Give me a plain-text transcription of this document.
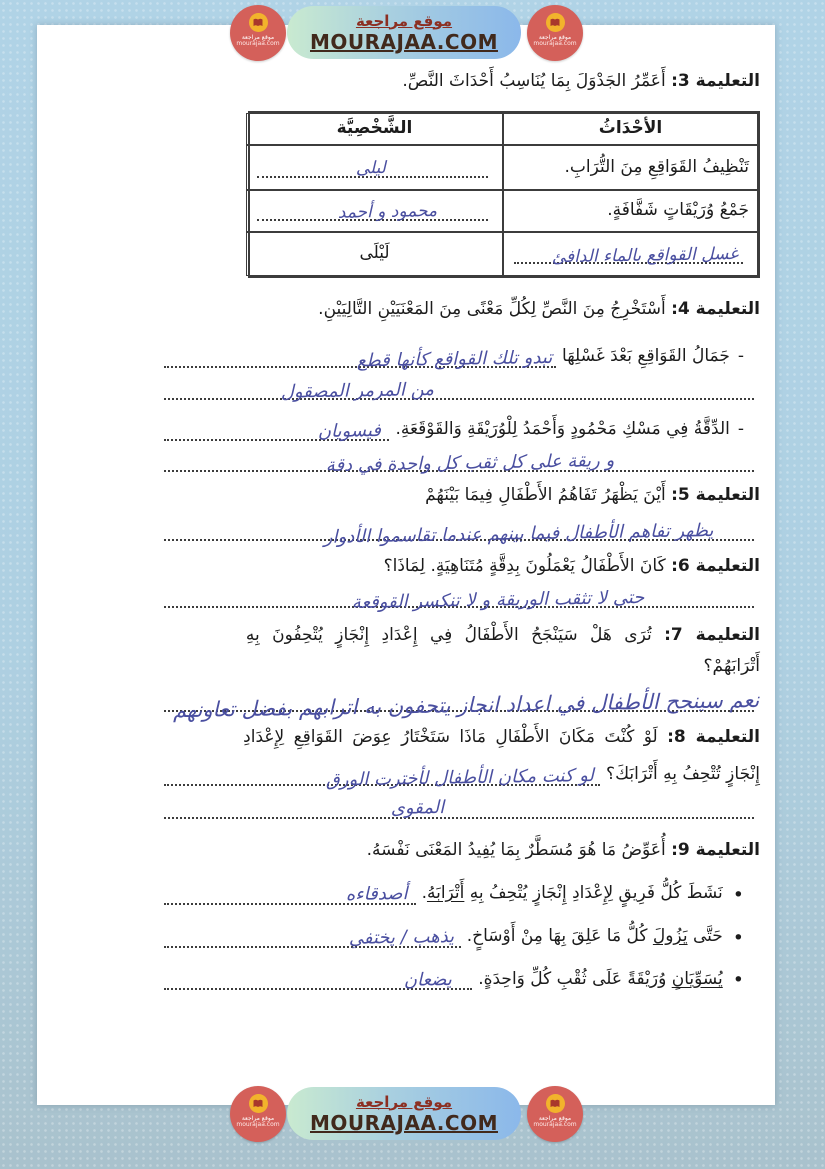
موقع مراجعة
mourajaa.com
موقع مراجعة
MOURAJAA.COM	موقع مراجعة
mourajaa.com
التعليمة 3: أَعَمِّرُ الجَدْوَلَ بِمَا يُنَاسِبُ أَحْدَاثَ النَّصِّ.
الأحْدَاثُ
الشَّخْصِيَّة
تَنْظِيفُ القَوَاقِعِ مِنَ التُّرَابِ.
ليلى
جَمْعُ وُرَيْقَاتٍ شَفَّافَةٍ.
محمود و أحمد
غسل القواقع بالماء الدافئ
لَيْلَى
التعليمة 4: أَسْتَخْرِجُ مِنَ النَّصِّ لِكُلِّ مَعْنًى مِنَ المَعْنَيَيْنِ التَّالِيَيْنِ.
-
جَمَالُ القَوَاقِعِ بَعْدَ غَسْلِهَا
تبدو تلك القواقع كأنها قطع
من المرمر المصقول
-
الدِّقَّةُ فِي مَسْكِ مَحْمُودٍ وَأَحْمَدُ لِلْوُرَيْقَةِ وَالقَوْقَعَةِ.
فيسويان
و ريقة على كل ثقب كل واحدة في دقة
التعليمة 5: أَيْنَ يَظْهَرُ تَفَاهُمُ الأَطْفَالِ فِيمَا بَيْنَهُمْ
يظهر تفاهم الأطفال فيما بينهم عندما تقاسموا الأدوار
التعليمة 6: كَانَ الأَطْفَالُ يَعْمَلُونَ بِدِقَّةٍ مُتَنَاهِيَةٍ. لِمَاذَا؟
حتى لا تثقب الوريقة و لا تنكسر القوقعة
التعليمة 7: تُرَى هَلْ سَيَنْجَحُ الأَطْفَالُ فِي إِعْدَادِ إِنْجَازٍ يُتْحِفُونَ بِهِ
أَتْرَابَهُمْ؟
نعم سينجح الأطفال في اعداد انجاز يتحفون به اترابهم بفضل تعاونهم
التعليمة 8: لَوْ كُنْتَ مَكَانَ الأَطْفَالِ مَاذَا سَتَخْتَارُ عِوَضَ القَوَاقِعِ لِإِعْدَادِ
إِنْجَازٍ تُتْحِفُ بِهِ أَتْرَابَكَ؟
لو كنت مكان الأطفال لأخترت الورق
المقوى
التعليمة 9: أُعَوِّضُ مَا هُوَ مُسَطَّرٌ بِمَا يُفِيدُ المَعْنَى نَفْسَهُ.
•
نَشَطَ كُلُّ فَرِيقٍ لِإِعْدَادِ إِنْجَازٍ يُتْحِفُ بِهِ أَتْرَابَهُ.
أصدقاءه
•
حَتَّى يَزُولَ كُلُّ مَا عَلِقَ بِهَا مِنْ أَوْسَاخٍ.
يذهب / يختفي
•
يُسَوِّيَانِ وُرَيْقَةً عَلَى ثُقْبِ كُلِّ وَاحِدَةٍ.
يضعان
موقع مراجعة
mourajaa.com
موقع مراجعة
MOURAJAA.COM	موقع مراجعة
mourajaa.com
